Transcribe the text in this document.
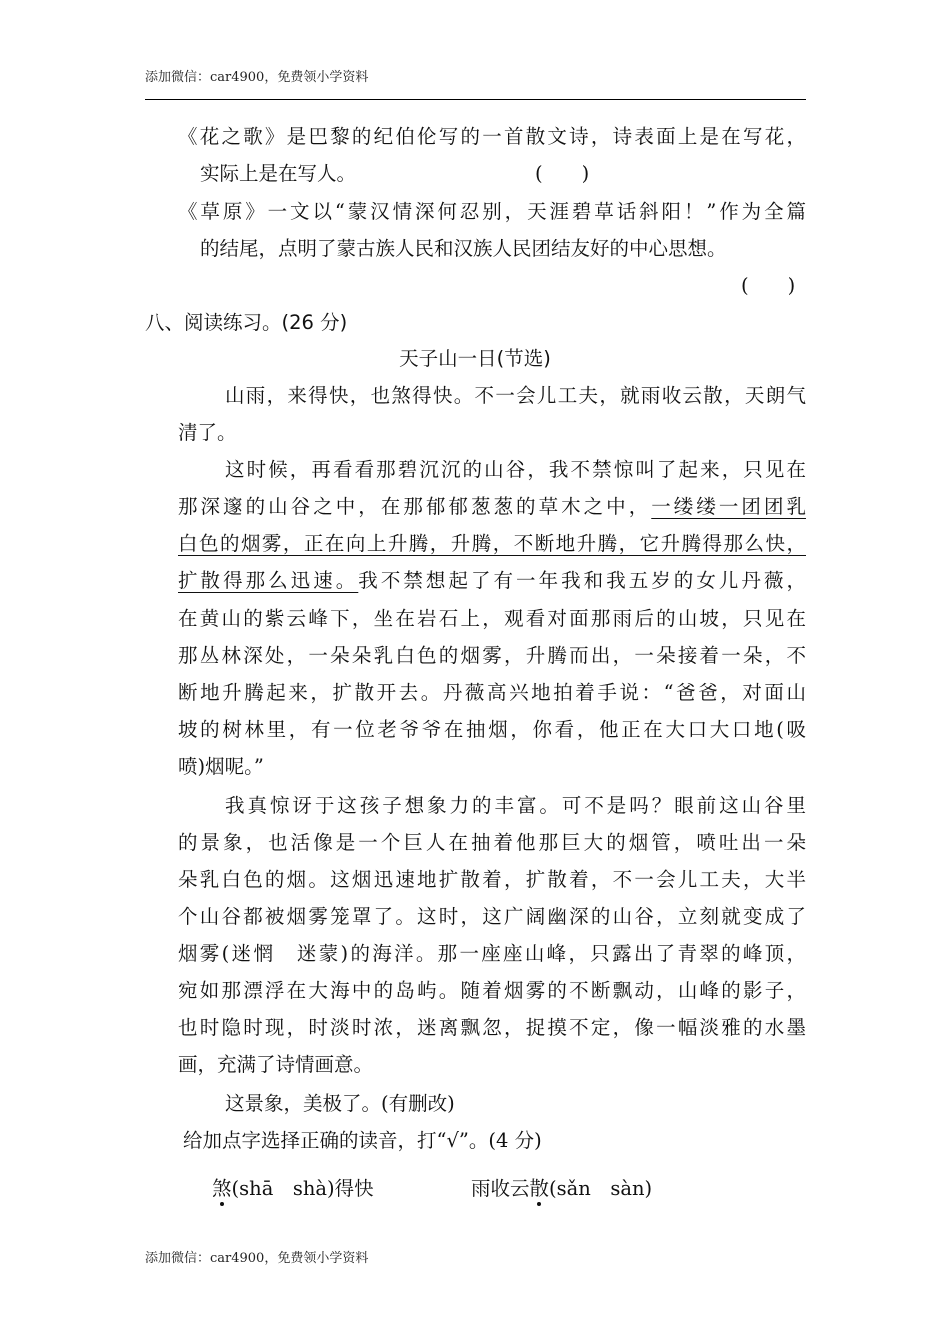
添加微信：car4900，免费领小学资料
《花之歌》是巴黎的纪伯伦写的一首散文诗，诗表面上是在写花，
实际上是在写人。	(　　)
《草原》一文以“蒙汉情深何忍别，天涯碧草话斜阳！”作为全篇
的结尾，点明了蒙古族人民和汉族人民团结友好的中心思想。
(　　)
八、阅读练习。(26 分)
天子山一日(节选)
山雨，来得快，也煞得快。不一会儿工夫，就雨收云散，天朗气
清了。
这时候，再看看那碧沉沉的山谷，我不禁惊叫了起来，只见在
那深邃的山谷之中，在那郁郁葱葱的草木之中，一缕缕一团团乳
白色的烟雾，正在向上升腾，升腾，不断地升腾，它升腾得那么快，
扩散得那么迅速。我不禁想起了有一年我和我五岁的女儿丹薇，
在黄山的紫云峰下，坐在岩石上，观看对面那雨后的山坡，只见在
那丛林深处，一朵朵乳白色的烟雾，升腾而出，一朵接着一朵，不
断地升腾起来，扩散开去。丹薇高兴地拍着手说：“爸爸，对面山
坡的树林里，有一位老爷爷在抽烟，你看，他正在大口大口地(吸
喷)烟呢。”
我真惊讶于这孩子想象力的丰富。可不是吗？眼前这山谷里
的景象，也活像是一个巨人在抽着他那巨大的烟管，喷吐出一朵
朵乳白色的烟。这烟迅速地扩散着，扩散着，不一会儿工夫，大半
个山谷都被烟雾笼罩了。这时，这广阔幽深的山谷，立刻就变成了
烟雾(迷惘　迷蒙)的海洋。那一座座山峰，只露出了青翠的峰顶，
宛如那漂浮在大海中的岛屿。随着烟雾的不断飘动，山峰的影子，
也时隐时现，时淡时浓，迷离飘忽，捉摸不定，像一幅淡雅的水墨
画，充满了诗情画意。
这景象，美极了。(有删改)
给加点字选择正确的读音，打“√”。(4 分)
煞(shā　shà)得快	雨收云散(sǎn　sàn)
添加微信：car4900，免费领小学资料
